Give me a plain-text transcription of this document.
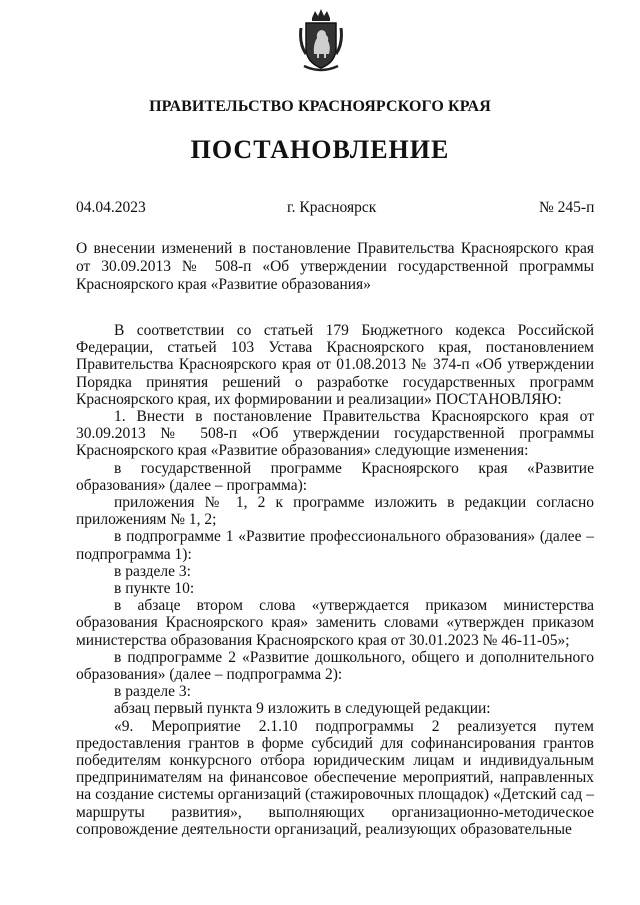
ПРАВИТЕЛЬСТВО КРАСНОЯРСКОГО КРАЯ
ПОСТАНОВЛЕНИЕ
04.04.2023	г. Красноярск	№ 245-п
О внесении изменений в постановление Правительства Красноярского края от 30.09.2013 № 508-п «Об утверждении государственной программы Красноярского края «Развитие образования»

В соответствии со статьей 179 Бюджетного кодекса Российской Федерации, статьей 103 Устава Красноярского края, постановлением Правительства Красноярского края от 01.08.2013 № 374-п «Об утверждении Порядка принятия решений о разработке государственных программ Красноярского края, их формировании и реализации» ПОСТАНОВЛЯЮ:

1. Внести в постановление Правительства Красноярского края от 30.09.2013 № 508-п «Об утверждении государственной программы Красноярского края «Развитие образования» следующие изменения:

в государственной программе Красноярского края «Развитие образования» (далее – программа):

приложения № 1, 2 к программе изложить в редакции согласно приложениям № 1, 2;

в подпрограмме 1 «Развитие профессионального образования» (далее – подпрограмма 1):

в разделе 3:

в пункте 10:

в абзаце втором слова «утверждается приказом министерства образования Красноярского края» заменить словами «утвержден приказом министерства образования Красноярского края от 30.01.2023 № 46-11-05»;

в подпрограмме 2 «Развитие дошкольного, общего и дополнительного образования» (далее – подпрограмма 2):

в разделе 3:

абзац первый пункта 9 изложить в следующей редакции:

«9. Мероприятие 2.1.10 подпрограммы 2 реализуется путем предоставления грантов в форме субсидий для софинансирования грантов победителям конкурсного отбора юридическим лицам и индивидуальным предпринимателям на финансовое обеспечение мероприятий, направленных на создание системы организаций (стажировочных площадок) «Детский сад – маршруты развития», выполняющих организационно-методическое сопровождение деятельности организаций, реализующих образовательные
